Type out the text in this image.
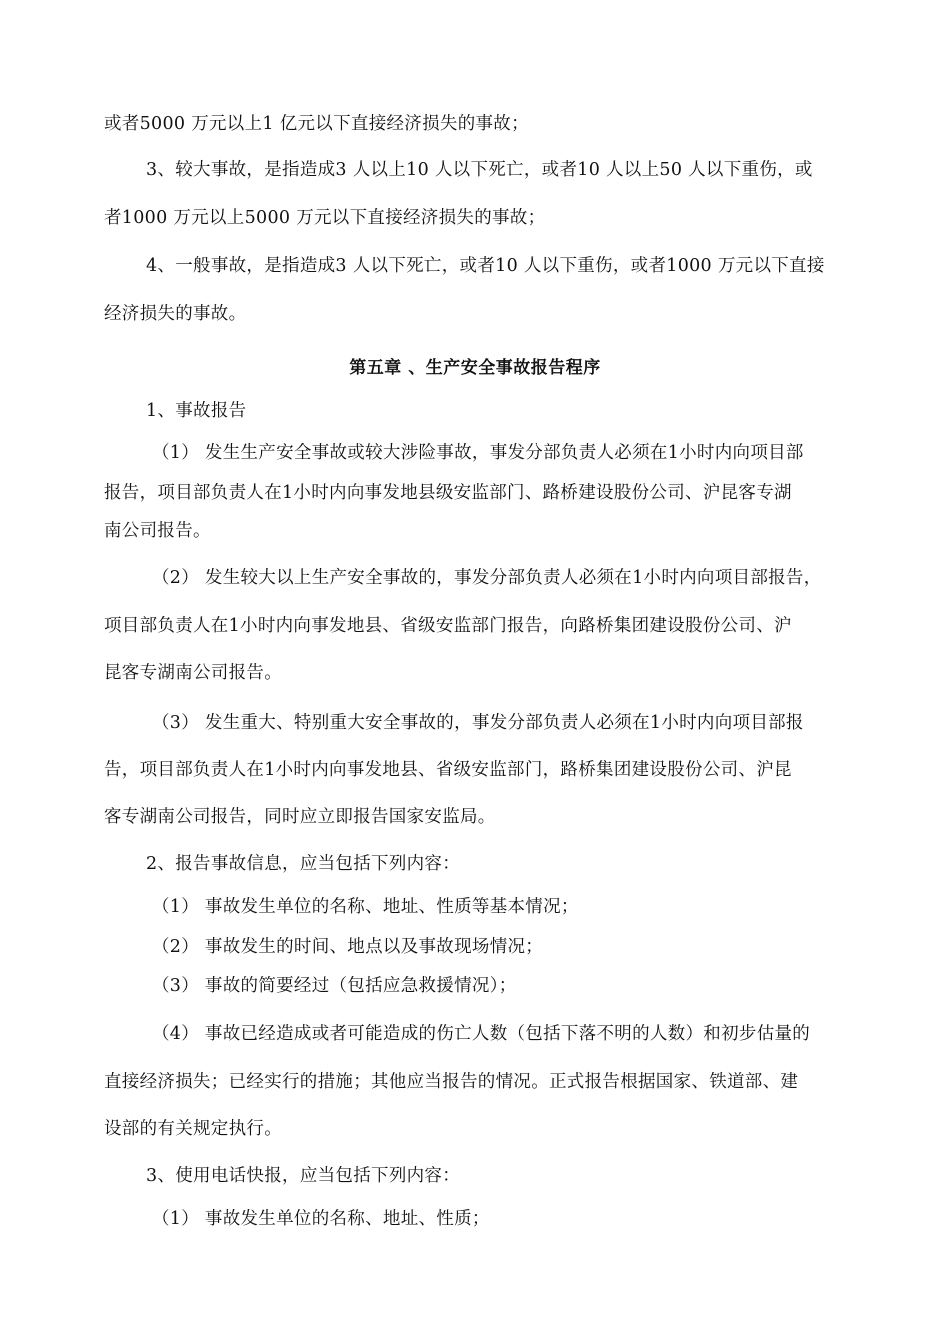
或者5000 万元以上1 亿元以下直接经济损失的事故；
3、较大事故，是指造成3 人以上10 人以下死亡，或者10 人以上50 人以下重伤，或
者1000 万元以上5000 万元以下直接经济损失的事故；
4、一般事故，是指造成3 人以下死亡，或者10 人以下重伤，或者1000 万元以下直接
经济损失的事故。
第五章 、生产安全事故报告程序
1、事故报告
（1） 发生生产安全事故或较大涉险事故，事发分部负责人必须在1小时内向项目部
报告，项目部负责人在1小时内向事发地县级安监部门、路桥建设股份公司、沪昆客专湖
南公司报告。
（2） 发生较大以上生产安全事故的，事发分部负责人必须在1小时内向项目部报告，
项目部负责人在1小时内向事发地县、省级安监部门报告，向路桥集团建设股份公司、沪
昆客专湖南公司报告。
（3） 发生重大、特别重大安全事故的，事发分部负责人必须在1小时内向项目部报
告，项目部负责人在1小时内向事发地县、省级安监部门，路桥集团建设股份公司、沪昆
客专湖南公司报告，同时应立即报告国家安监局。
2、报告事故信息，应当包括下列内容：
（1） 事故发生单位的名称、地址、性质等基本情况；
（2） 事故发生的时间、地点以及事故现场情况；
（3） 事故的简要经过（包括应急救援情况）；
（4） 事故已经造成或者可能造成的伤亡人数（包括下落不明的人数）和初步估量的
直接经济损失；已经实行的措施；其他应当报告的情况。正式报告根据国家、铁道部、建
设部的有关规定执行。
3、使用电话快报，应当包括下列内容：
（1） 事故发生单位的名称、地址、性质；
